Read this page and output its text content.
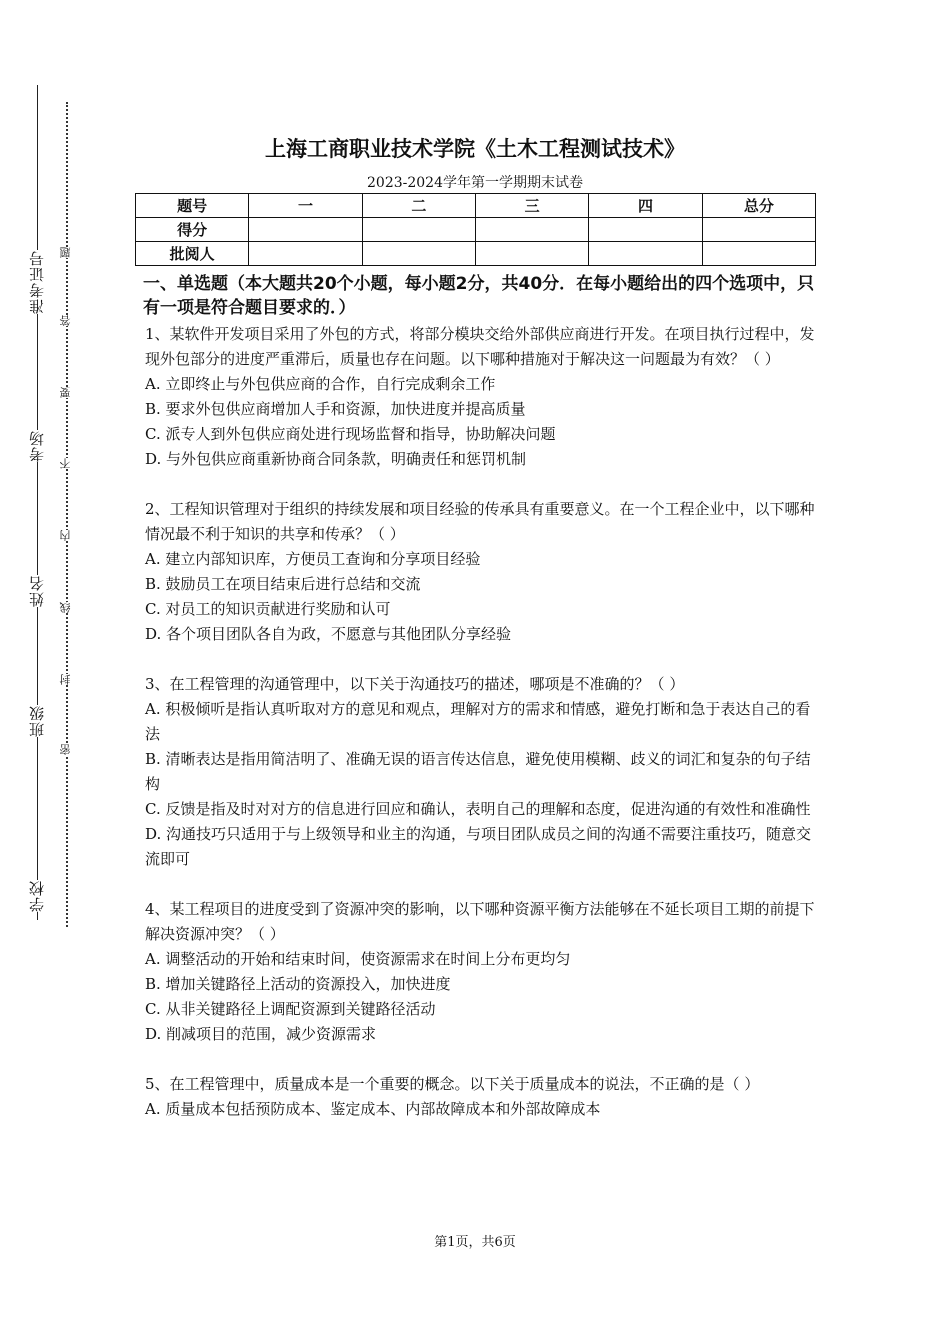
准考证号
考场
姓名
班级
学校
题
答
要
不
内
线
封
密
上海工商职业技术学院《土木工程测试技术》
2023-2024学年第一学期期末试卷
题号	一	二	三	四	总分
得分					
批阅人					
一、单选题（本大题共20个小题，每小题2分，共40分．在每小题给出的四个选项中，只有一项是符合题目要求的．）

1、某软件开发项目采用了外包的方式，将部分模块交给外部供应商进行开发。在项目执行过程中，发现外包部分的进度严重滞后，质量也存在问题。以下哪种措施对于解决这一问题最为有效？（ ）

A. 立即终止与外包供应商的合作，自行完成剩余工作

B. 要求外包供应商增加人手和资源，加快进度并提高质量

C. 派专人到外包供应商处进行现场监督和指导，协助解决问题

D. 与外包供应商重新协商合同条款，明确责任和惩罚机制

2、工程知识管理对于组织的持续发展和项目经验的传承具有重要意义。在一个工程企业中，以下哪种情况最不利于知识的共享和传承？（ ）

A. 建立内部知识库，方便员工查询和分享项目经验

B. 鼓励员工在项目结束后进行总结和交流

C. 对员工的知识贡献进行奖励和认可

D. 各个项目团队各自为政，不愿意与其他团队分享经验

3、在工程管理的沟通管理中，以下关于沟通技巧的描述，哪项是不准确的？（ ）

A. 积极倾听是指认真听取对方的意见和观点，理解对方的需求和情感，避免打断和急于表达自己的看法

B. 清晰表达是指用简洁明了、准确无误的语言传达信息，避免使用模糊、歧义的词汇和复杂的句子结构

C. 反馈是指及时对对方的信息进行回应和确认，表明自己的理解和态度，促进沟通的有效性和准确性

D. 沟通技巧只适用于与上级领导和业主的沟通，与项目团队成员之间的沟通不需要注重技巧，随意交流即可

4、某工程项目的进度受到了资源冲突的影响，以下哪种资源平衡方法能够在不延长项目工期的前提下解决资源冲突？（ ）

A. 调整活动的开始和结束时间，使资源需求在时间上分布更均匀

B. 增加关键路径上活动的资源投入，加快进度

C. 从非关键路径上调配资源到关键路径活动

D. 削减项目的范围，减少资源需求

5、在工程管理中，质量成本是一个重要的概念。以下关于质量成本的说法，不正确的是（ ）

A. 质量成本包括预防成本、鉴定成本、内部故障成本和外部故障成本

第1页，共6页
